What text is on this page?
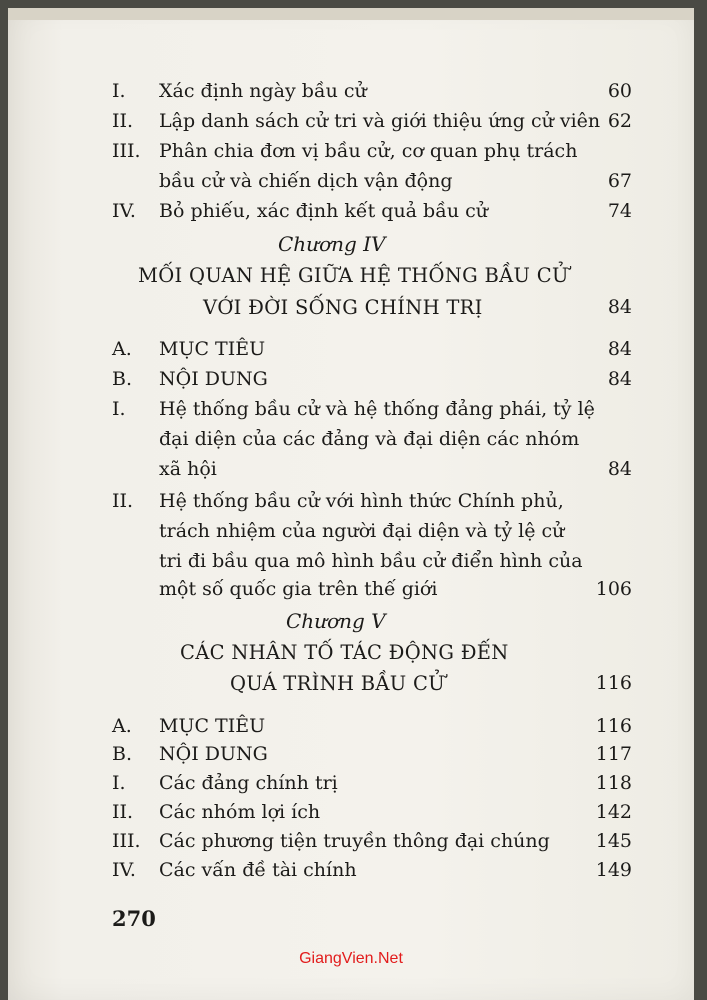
I. Xác định ngày bầu cử	60
II. Lập danh sách cử tri và giới thiệu ứng cử viên 62
III. Phân chia đơn vị bầu cử, cơ quan phụ trách
bầu cử và chiến dịch vận động	67
IV. Bỏ phiếu, xác định kết quả bầu cử	74
Chương IV
MỐI QUAN HỆ GIỮA HỆ THỐNG BẦU CỬ
VỚI ĐỜI SỐNG CHÍNH TRỊ	84
A. MỤC TIÊU	84
B. NỘI DUNG	84
I. Hệ thống bầu cử và hệ thống đảng phái, tỷ lệ
đại diện của các đảng và đại diện các nhóm
xã hội	84
II. Hệ thống bầu cử với hình thức Chính phủ,
trách nhiệm của người đại diện và tỷ lệ cử
tri đi bầu qua mô hình bầu cử điển hình của
một số quốc gia trên thế giới	106
Chương V
CÁC NHÂN TỐ TÁC ĐỘNG ĐẾN
QUÁ TRÌNH BẦU CỬ	116
A. MỤC TIÊU	116
B. NỘI DUNG	117
I. Các đảng chính trị	118
II. Các nhóm lợi ích	142
III. Các phương tiện truyền thông đại chúng 145
IV. Các vấn đề tài chính	149
270
GiangVien.Net
